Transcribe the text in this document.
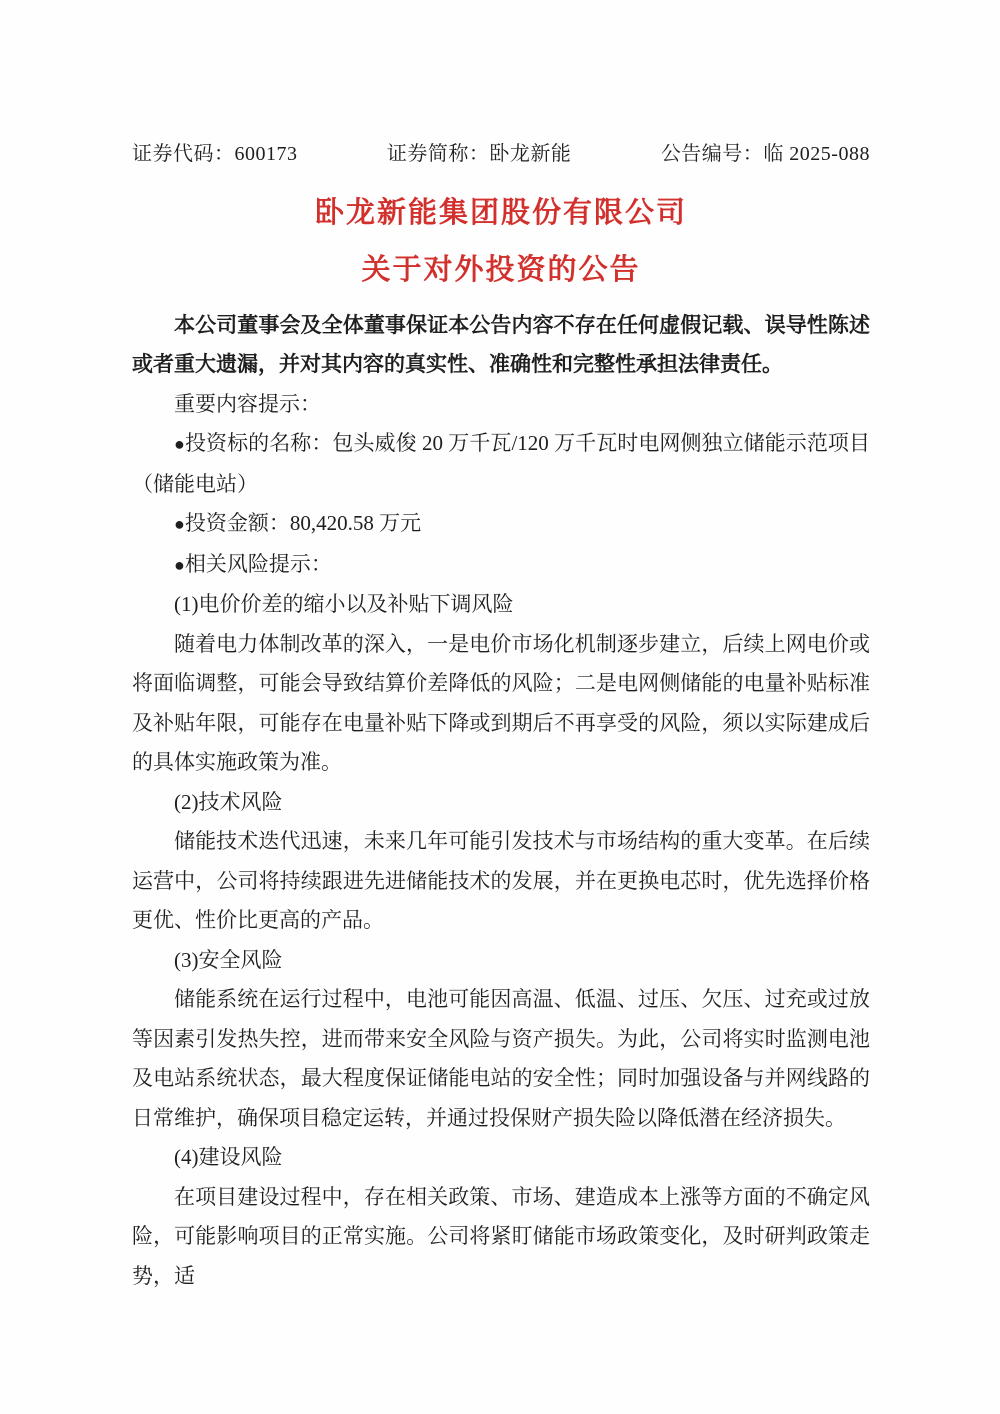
证券代码：600173	证券简称：卧龙新能	公告编号：临 2025-088
卧龙新能集团股份有限公司
关于对外投资的公告

本公司董事会及全体董事保证本公告内容不存在任何虚假记载、误导性陈述或者重大遗漏，并对其内容的真实性、准确性和完整性承担法律责任。

重要内容提示：

●投资标的名称：包头威俊 20 万千瓦/120 万千瓦时电网侧独立储能示范项目（储能电站）

●投资金额：80,420.58 万元

●相关风险提示：

(1)电价价差的缩小以及补贴下调风险

随着电力体制改革的深入，一是电价市场化机制逐步建立，后续上网电价或将面临调整，可能会导致结算价差降低的风险；二是电网侧储能的电量补贴标准及补贴年限，可能存在电量补贴下降或到期后不再享受的风险，须以实际建成后的具体实施政策为准。

(2)技术风险

储能技术迭代迅速，未来几年可能引发技术与市场结构的重大变革。在后续运营中，公司将持续跟进先进储能技术的发展，并在更换电芯时，优先选择价格更优、性价比更高的产品。

(3)安全风险

储能系统在运行过程中，电池可能因高温、低温、过压、欠压、过充或过放等因素引发热失控，进而带来安全风险与资产损失。为此，公司将实时监测电池及电站系统状态，最大程度保证储能电站的安全性；同时加强设备与并网线路的日常维护，确保项目稳定运转，并通过投保财产损失险以降低潜在经济损失。

(4)建设风险

在项目建设过程中，存在相关政策、市场、建造成本上涨等方面的不确定风险，可能影响项目的正常实施。公司将紧盯储能市场政策变化，及时研判政策走势，适
